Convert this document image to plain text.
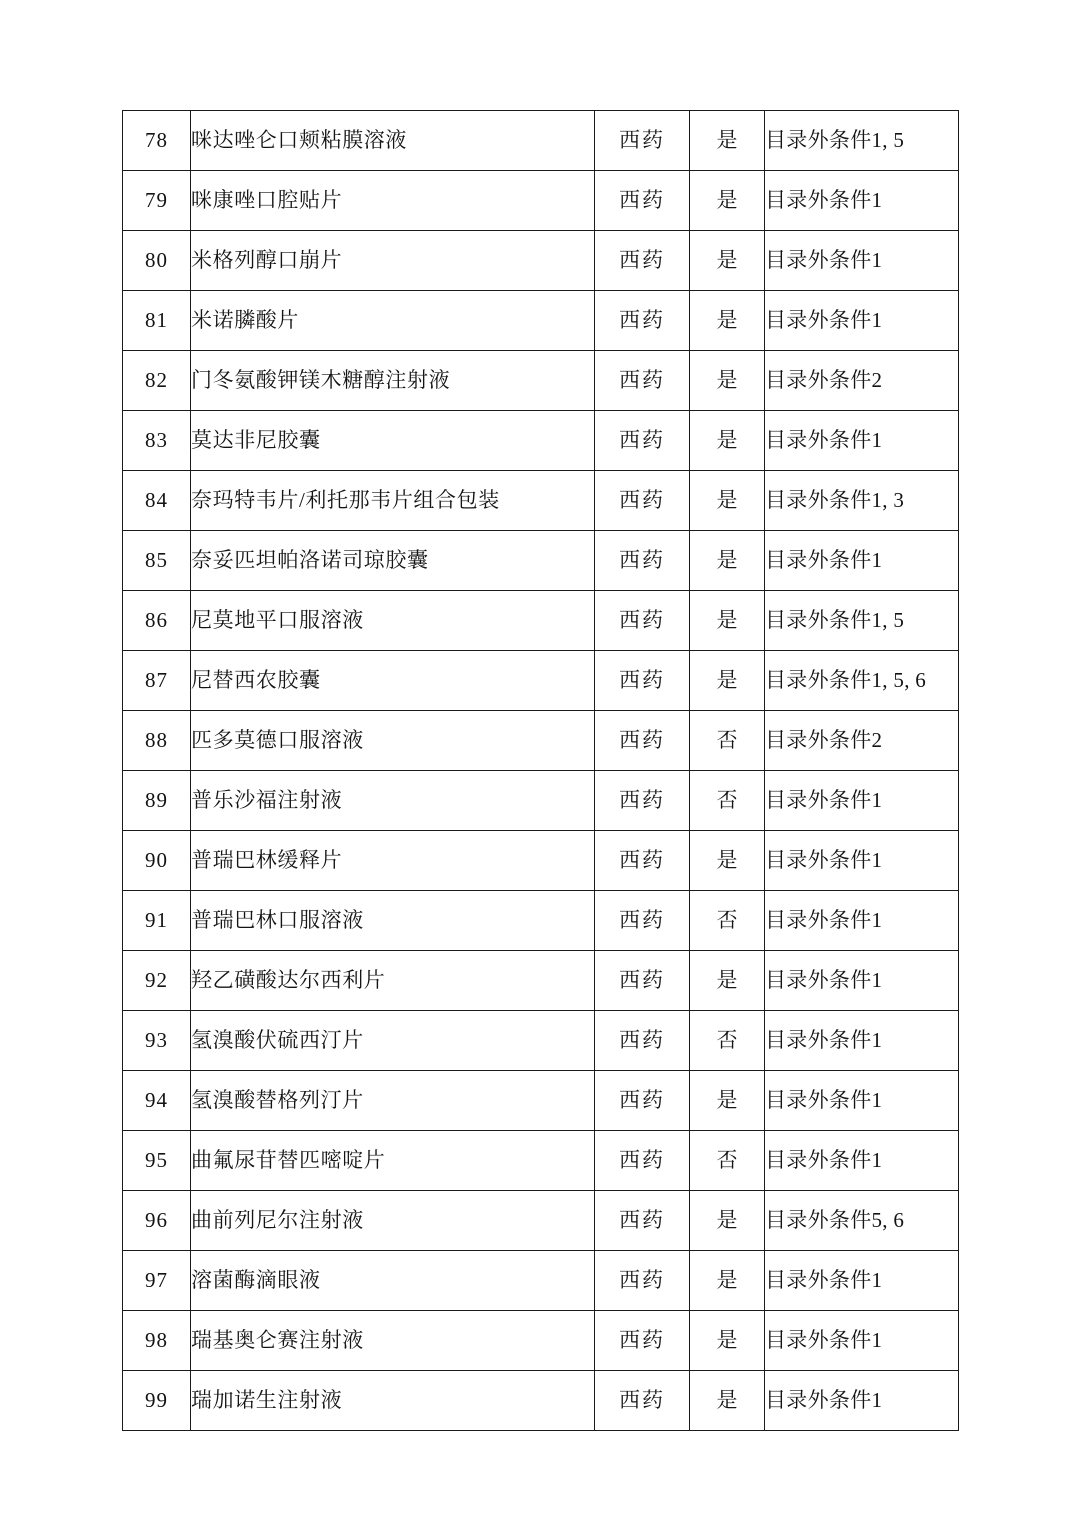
78	咪达唑仑口颊粘膜溶液	西药	是	目录外条件1, 5
79	咪康唑口腔贴片	西药	是	目录外条件1
80	米格列醇口崩片	西药	是	目录外条件1
81	米诺膦酸片	西药	是	目录外条件1
82	门冬氨酸钾镁木糖醇注射液	西药	是	目录外条件2
83	莫达非尼胶囊	西药	是	目录外条件1
84	奈玛特韦片/利托那韦片组合包装	西药	是	目录外条件1, 3
85	奈妥匹坦帕洛诺司琼胶囊	西药	是	目录外条件1
86	尼莫地平口服溶液	西药	是	目录外条件1, 5
87	尼替西农胶囊	西药	是	目录外条件1, 5, 6
88	匹多莫德口服溶液	西药	否	目录外条件2
89	普乐沙福注射液	西药	否	目录外条件1
90	普瑞巴林缓释片	西药	是	目录外条件1
91	普瑞巴林口服溶液	西药	否	目录外条件1
92	羟乙磺酸达尔西利片	西药	是	目录外条件1
93	氢溴酸伏硫西汀片	西药	否	目录外条件1
94	氢溴酸替格列汀片	西药	是	目录外条件1
95	曲氟尿苷替匹嘧啶片	西药	否	目录外条件1
96	曲前列尼尔注射液	西药	是	目录外条件5, 6
97	溶菌酶滴眼液	西药	是	目录外条件1
98	瑞基奥仑赛注射液	西药	是	目录外条件1
99	瑞加诺生注射液	西药	是	目录外条件1
